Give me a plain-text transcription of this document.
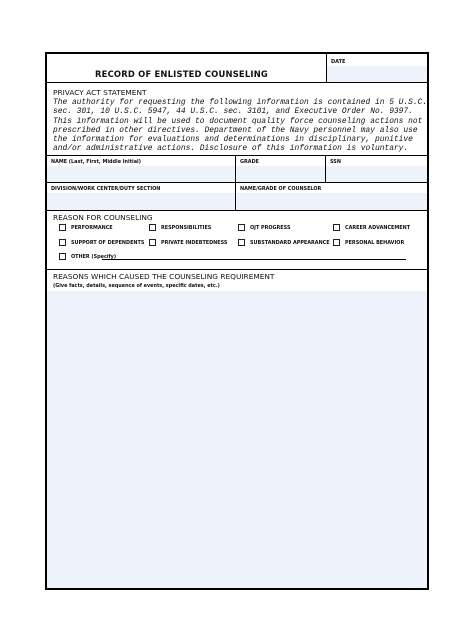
RECORD OF ENLISTED COUNSELING
DATE
PRIVACY ACT STATEMENT
The authority for requesting the following information is contained in 5 U.S.C.
sec. 301, 10 U.S.C. 5947, 44 U.S.C. sec. 3101, and Executive Order No. 9397.
This information will be used to document quality force counseling actions not
prescribed in other directives. Department of the Navy personnel may also use
the information for evaluations and determinations in disciplinary, punitive
and/or administrative actions. Disclosure of this information is voluntary.
NAME (Last, First, Middle Initial)	GRADE	SSN
DIVISION/WORK CENTER/DUTY SECTION	NAME/GRADE OF COUNSELOR
REASON FOR COUNSELING
PERFORMANCE	RESPONSIBILITIES	OJT PROGRESS	CAREER ADVANCEMENT
SUPPORT OF DEPENDENTS	PRIVATE INDEBTEDNESS	SUBSTANDARD APPEARANCE	PERSONAL BEHAVIOR
OTHER (Specify)
REASONS WHICH CAUSED THE COUNSELING REQUIREMENT
(Give facts, details, sequence of events, specific dates, etc.)
